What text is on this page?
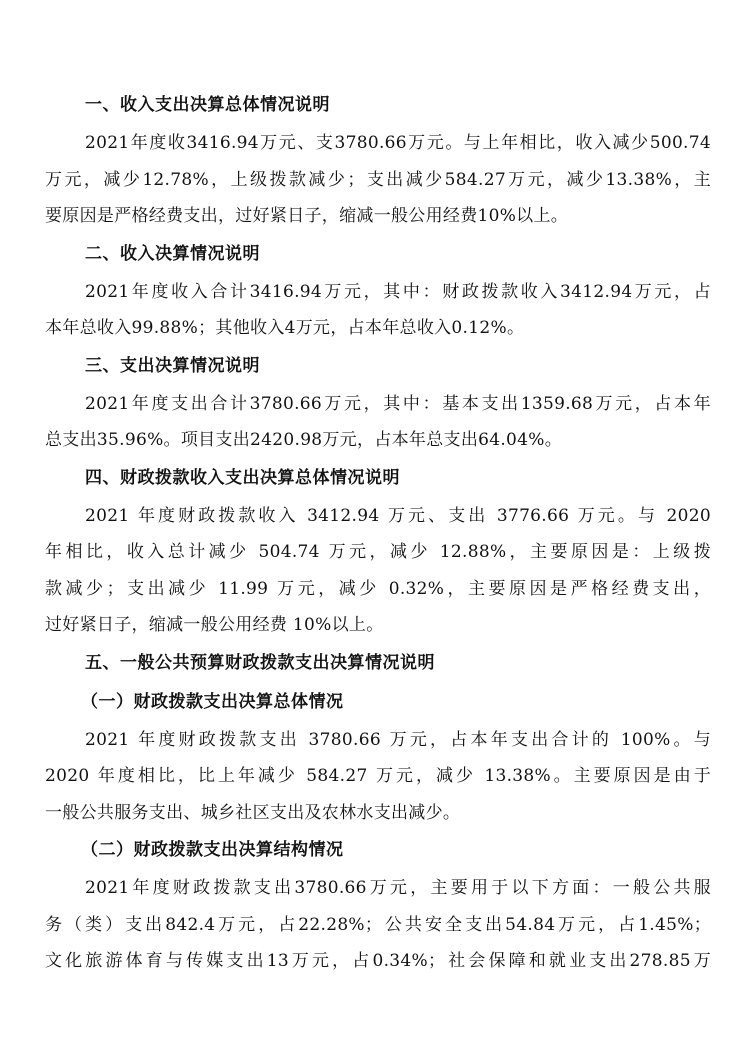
一、收入支出决算总体情况说明
2021年度收3416.94万元、支3780.66万元。与上年相比，收入减少500.74
万元，减少12.78%，上级拨款减少；支出减少584.27万元，减少13.38%，主
要原因是严格经费支出，过好紧日子，缩减一般公用经费10%以上。
二、收入决算情况说明
2021年度收入合计3416.94万元，其中：财政拨款收入3412.94万元，占
本年总收入99.88%；其他收入4万元，占本年总收入0.12%。
三、支出决算情况说明
2021年度支出合计3780.66万元，其中：基本支出1359.68万元，占本年
总支出35.96%。项目支出2420.98万元，占本年总支出64.04%。
四、财政拨款收入支出决算总体情况说明
2021 年度财政拨款收入 3412.94 万元、支出 3776.66 万元。与 2020
年相比，收入总计减少 504.74 万元，减少 12.88%，主要原因是：上级拨
款减少；支出减少 11.99 万元，减少 0.32%，主要原因是严格经费支出，
过好紧日子，缩减一般公用经费 10%以上。
五、一般公共预算财政拨款支出决算情况说明
（一）财政拨款支出决算总体情况
2021 年度财政拨款支出 3780.66 万元，占本年支出合计的 100%。与
2020 年度相比，比上年减少 584.27 万元，减少 13.38%。主要原因是由于
一般公共服务支出、城乡社区支出及农林水支出减少。
（二）财政拨款支出决算结构情况
2021年度财政拨款支出3780.66万元，主要用于以下方面：一般公共服
务（类）支出842.4万元，占22.28%；公共安全支出54.84万元，占1.45%；
文化旅游体育与传媒支出13万元，占0.34%；社会保障和就业支出278.85万
